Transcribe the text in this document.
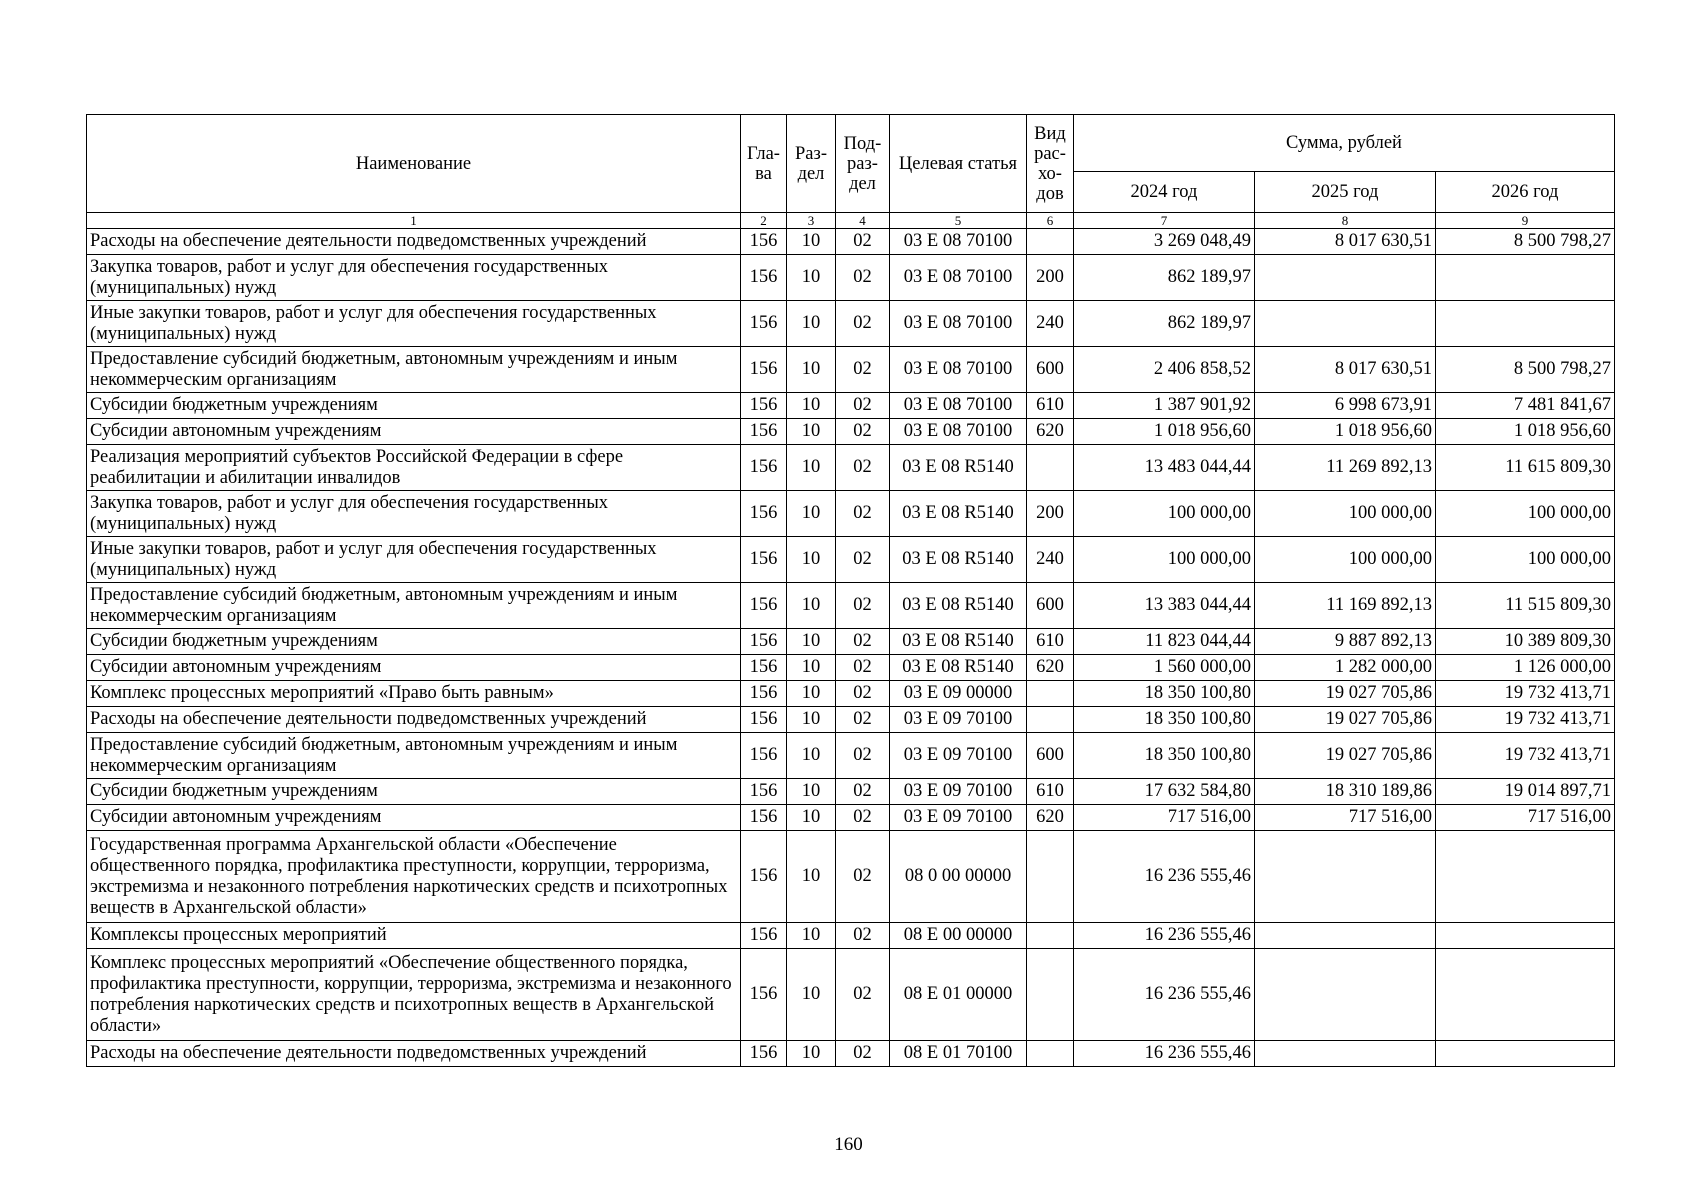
Наименование	Гла-ва	Раз-дел	Под-раз-дел	Целевая статья	Вид рас-хо-дов	Сумма, рублей		
						2024 год	2025 год	2026 год
1	2	3	4	5	6	7	8	9
Расходы на обеспечение деятельности подведомственных учреждений	156	10	02	03 Е 08 70100		3 269 048,49	8 017 630,51	8 500 798,27
Закупка товаров, работ и услуг для обеспечения государственных (муниципальных) нужд	156	10	02	03 Е 08 70100	200	862 189,97		
Иные закупки товаров, работ и услуг для обеспечения государственных (муниципальных) нужд	156	10	02	03 Е 08 70100	240	862 189,97		
Предоставление субсидий бюджетным, автономным учреждениям и иным некоммерческим организациям	156	10	02	03 Е 08 70100	600	2 406 858,52	8 017 630,51	8 500 798,27
Субсидии бюджетным учреждениям	156	10	02	03 Е 08 70100	610	1 387 901,92	6 998 673,91	7 481 841,67
Субсидии автономным учреждениям	156	10	02	03 Е 08 70100	620	1 018 956,60	1 018 956,60	1 018 956,60
Реализация мероприятий субъектов Российской Федерации в сфере реабилитации и абилитации инвалидов	156	10	02	03 Е 08 R5140		13 483 044,44	11 269 892,13	11 615 809,30
Закупка товаров, работ и услуг для обеспечения государственных (муниципальных) нужд	156	10	02	03 Е 08 R5140	200	100 000,00	100 000,00	100 000,00
Иные закупки товаров, работ и услуг для обеспечения государственных (муниципальных) нужд	156	10	02	03 Е 08 R5140	240	100 000,00	100 000,00	100 000,00
Предоставление субсидий бюджетным, автономным учреждениям и иным некоммерческим организациям	156	10	02	03 Е 08 R5140	600	13 383 044,44	11 169 892,13	11 515 809,30
Субсидии бюджетным учреждениям	156	10	02	03 Е 08 R5140	610	11 823 044,44	9 887 892,13	10 389 809,30
Субсидии автономным учреждениям	156	10	02	03 Е 08 R5140	620	1 560 000,00	1 282 000,00	1 126 000,00
Комплекс процессных мероприятий «Право быть равным»	156	10	02	03 Е 09 00000		18 350 100,80	19 027 705,86	19 732 413,71
Расходы на обеспечение деятельности подведомственных учреждений	156	10	02	03 Е 09 70100		18 350 100,80	19 027 705,86	19 732 413,71
Предоставление субсидий бюджетным, автономным учреждениям и иным некоммерческим организациям	156	10	02	03 Е 09 70100	600	18 350 100,80	19 027 705,86	19 732 413,71
Субсидии бюджетным учреждениям	156	10	02	03 Е 09 70100	610	17 632 584,80	18 310 189,86	19 014 897,71
Субсидии автономным учреждениям	156	10	02	03 Е 09 70100	620	717 516,00	717 516,00	717 516,00
Государственная программа Архангельской области «Обеспечение общественного порядка, профилактика преступности, коррупции, терроризма, экстремизма и незаконного потребления наркотических средств и психотропных веществ в Архангельской области»	156	10	02	08 0 00 00000		16 236 555,46		
Комплексы процессных мероприятий	156	10	02	08 Е 00 00000		16 236 555,46		
Комплекс процессных мероприятий «Обеспечение общественного порядка, профилактика преступности, коррупции, терроризма, экстремизма и незаконного потребления наркотических средств и психотропных веществ в Архангельской области»	156	10	02	08 Е 01 00000		16 236 555,46		
Расходы на обеспечение деятельности подведомственных учреждений	156	10	02	08 Е 01 70100		16 236 555,46		
160
